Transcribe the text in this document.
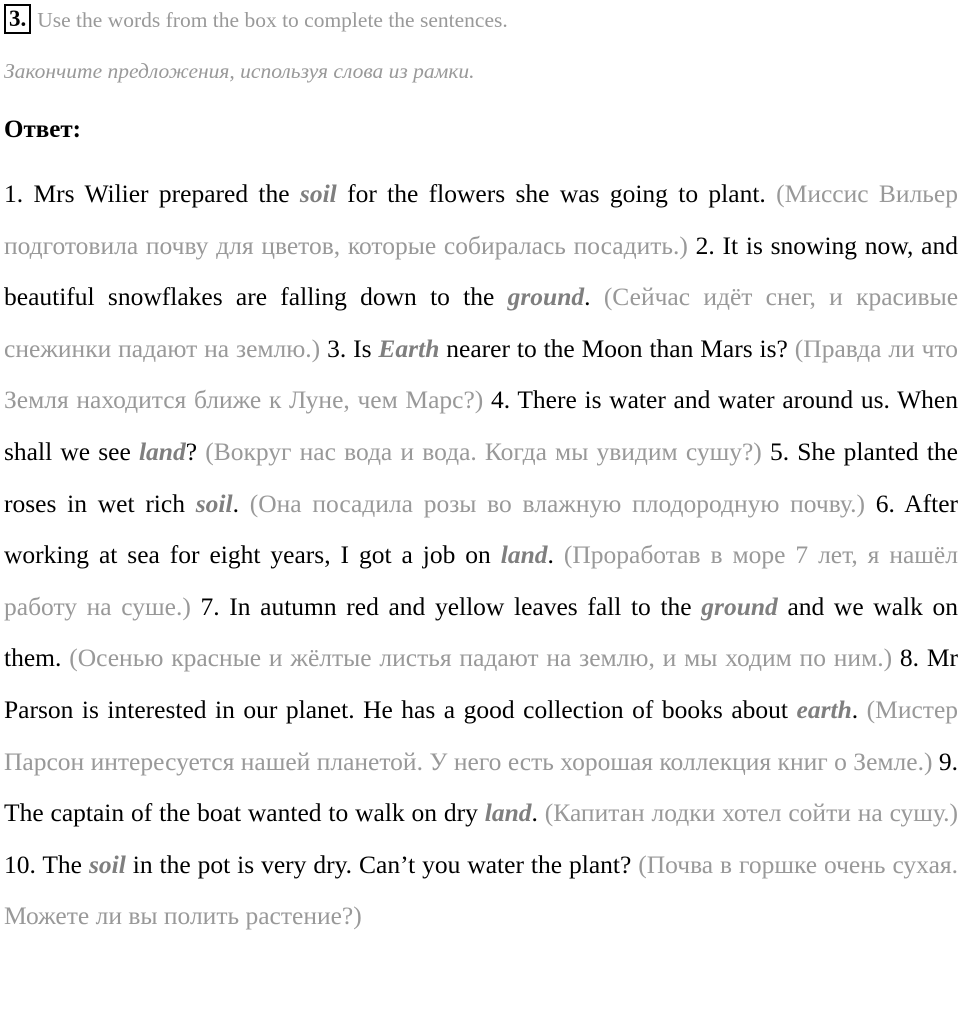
3. Use the words from the box to complete the sentences.
Закончите предложения, используя слова из рамки.
Ответ:

1. Mrs Wilier prepared the soil for the flowers she was going to plant. (Миссис Вильер подготовила почву для цветов, которые собиралась посадить.) 2. It is snowing now, and beautiful snowflakes are falling down to the ground. (Сейчас идёт снег, и красивые снежинки падают на землю.) 3. Is Earth nearer to the Moon than Mars is? (Правда ли что Земля находится ближе к Луне, чем Марс?) 4. There is water and water around us. When shall we see land? (Вокруг нас вода и вода. Когда мы увидим сушу?) 5. She planted the roses in wet rich soil. (Она посадила розы во влажную плодородную почву.) 6. After working at sea for eight years, I got a job on land. (Проработав в море 7 лет, я нашёл работу на суше.) 7. In autumn red and yellow leaves fall to the ground and we walk on them. (Осенью красные и жёлтые листья падают на землю, и мы ходим по ним.) 8. Mr Parson is interested in our planet. He has a good collection of books about earth. (Мистер Парсон интересуется нашей планетой. У него есть хорошая коллекция книг о Земле.) 9. The captain of the boat wanted to walk on dry land. (Капитан лодки хотел сойти на сушу.) 10. The soil in the pot is very dry. Can’t you water the plant? (Почва в горшке очень сухая. Можете ли вы полить растение?)
